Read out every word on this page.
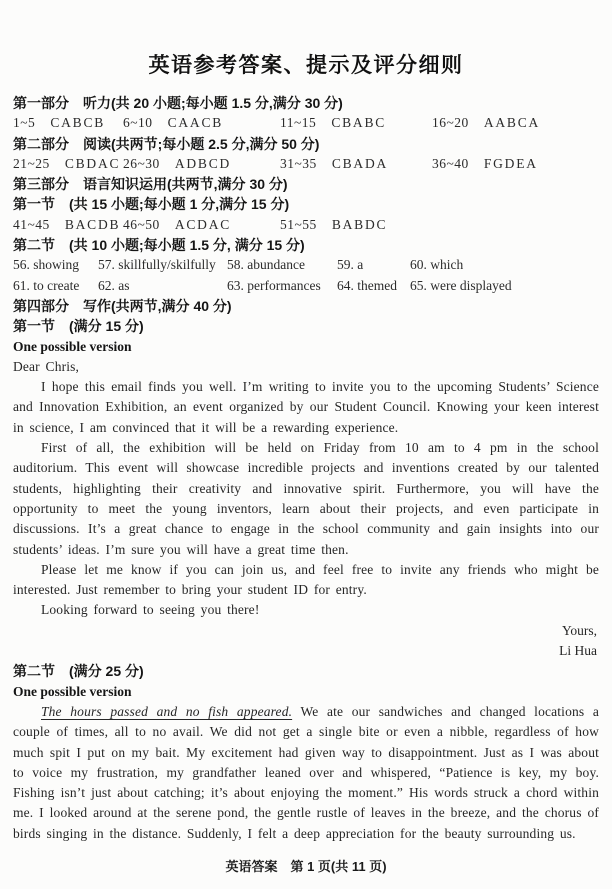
英语参考答案、提示及评分细则
第一部分　听力(共 20 小题;每小题 1.5 分,满分 30 分)
1~5 CABCB 6~10 CAACB	11~15 CBABC	16~20 AABCA
第二部分　阅读(共两节;每小题 2.5 分,满分 50 分)
21~25 CBDAC 26~30 ADBCD	31~35 CBADA	36~40 FGDEA
第三部分　语言知识运用(共两节,满分 30 分)
第一节　(共 15 小题;每小题 1 分,满分 15 分)
41~45 BACDB 46~50 ACDAC	51~55 BABDC
第二节　(共 10 小题;每小题 1.5 分, 满分 15 分)
56. showing	57. skillfully/skilfully 58. abundance	59. a	60. which
61. to create	62. as	63. performances	64. themed 65. were displayed
第四部分　写作(共两节,满分 40 分)
第一节　(满分 15 分)
One possible version
Dear Chris,

I hope this email finds you well. I’m writing to invite you to the upcoming Students’ Science and Innovation Exhibition, an event organized by our Student Council. Knowing your keen interest in science, I am convinced that it will be a rewarding experience.

First of all, the exhibition will be held on Friday from 10 am to 4 pm in the school auditorium. This event will showcase incredible projects and inventions created by our talented students, highlighting their creativity and innovative spirit. Furthermore, you will have the opportunity to meet the young inventors, learn about their projects, and even participate in discussions. It’s a great chance to engage in the school community and gain insights into our students’ ideas. I’m sure you will have a great time then.

Please let me know if you can join us, and feel free to invite any friends who might be interested. Just remember to bring your student ID for entry.

Looking forward to seeing you there!

Yours,
Li Hua
第二节　(满分 25 分)
One possible version

The hours passed and no fish appeared. We ate our sandwiches and changed locations a couple of times, all to no avail. We did not get a single bite or even a nibble, regardless of how much spit I put on my bait. My excitement had given way to disappointment. Just as I was about to voice my frustration, my grandfather leaned over and whispered, “Patience is key, my boy. Fishing isn’t just about catching; it’s about enjoying the moment.” His words struck a chord within me. I looked around at the serene pond, the gentle rustle of leaves in the breeze, and the chorus of birds singing in the distance. Suddenly, I felt a deep appreciation for the beauty surrounding us.

英语答案　第 1 页(共 11 页)
